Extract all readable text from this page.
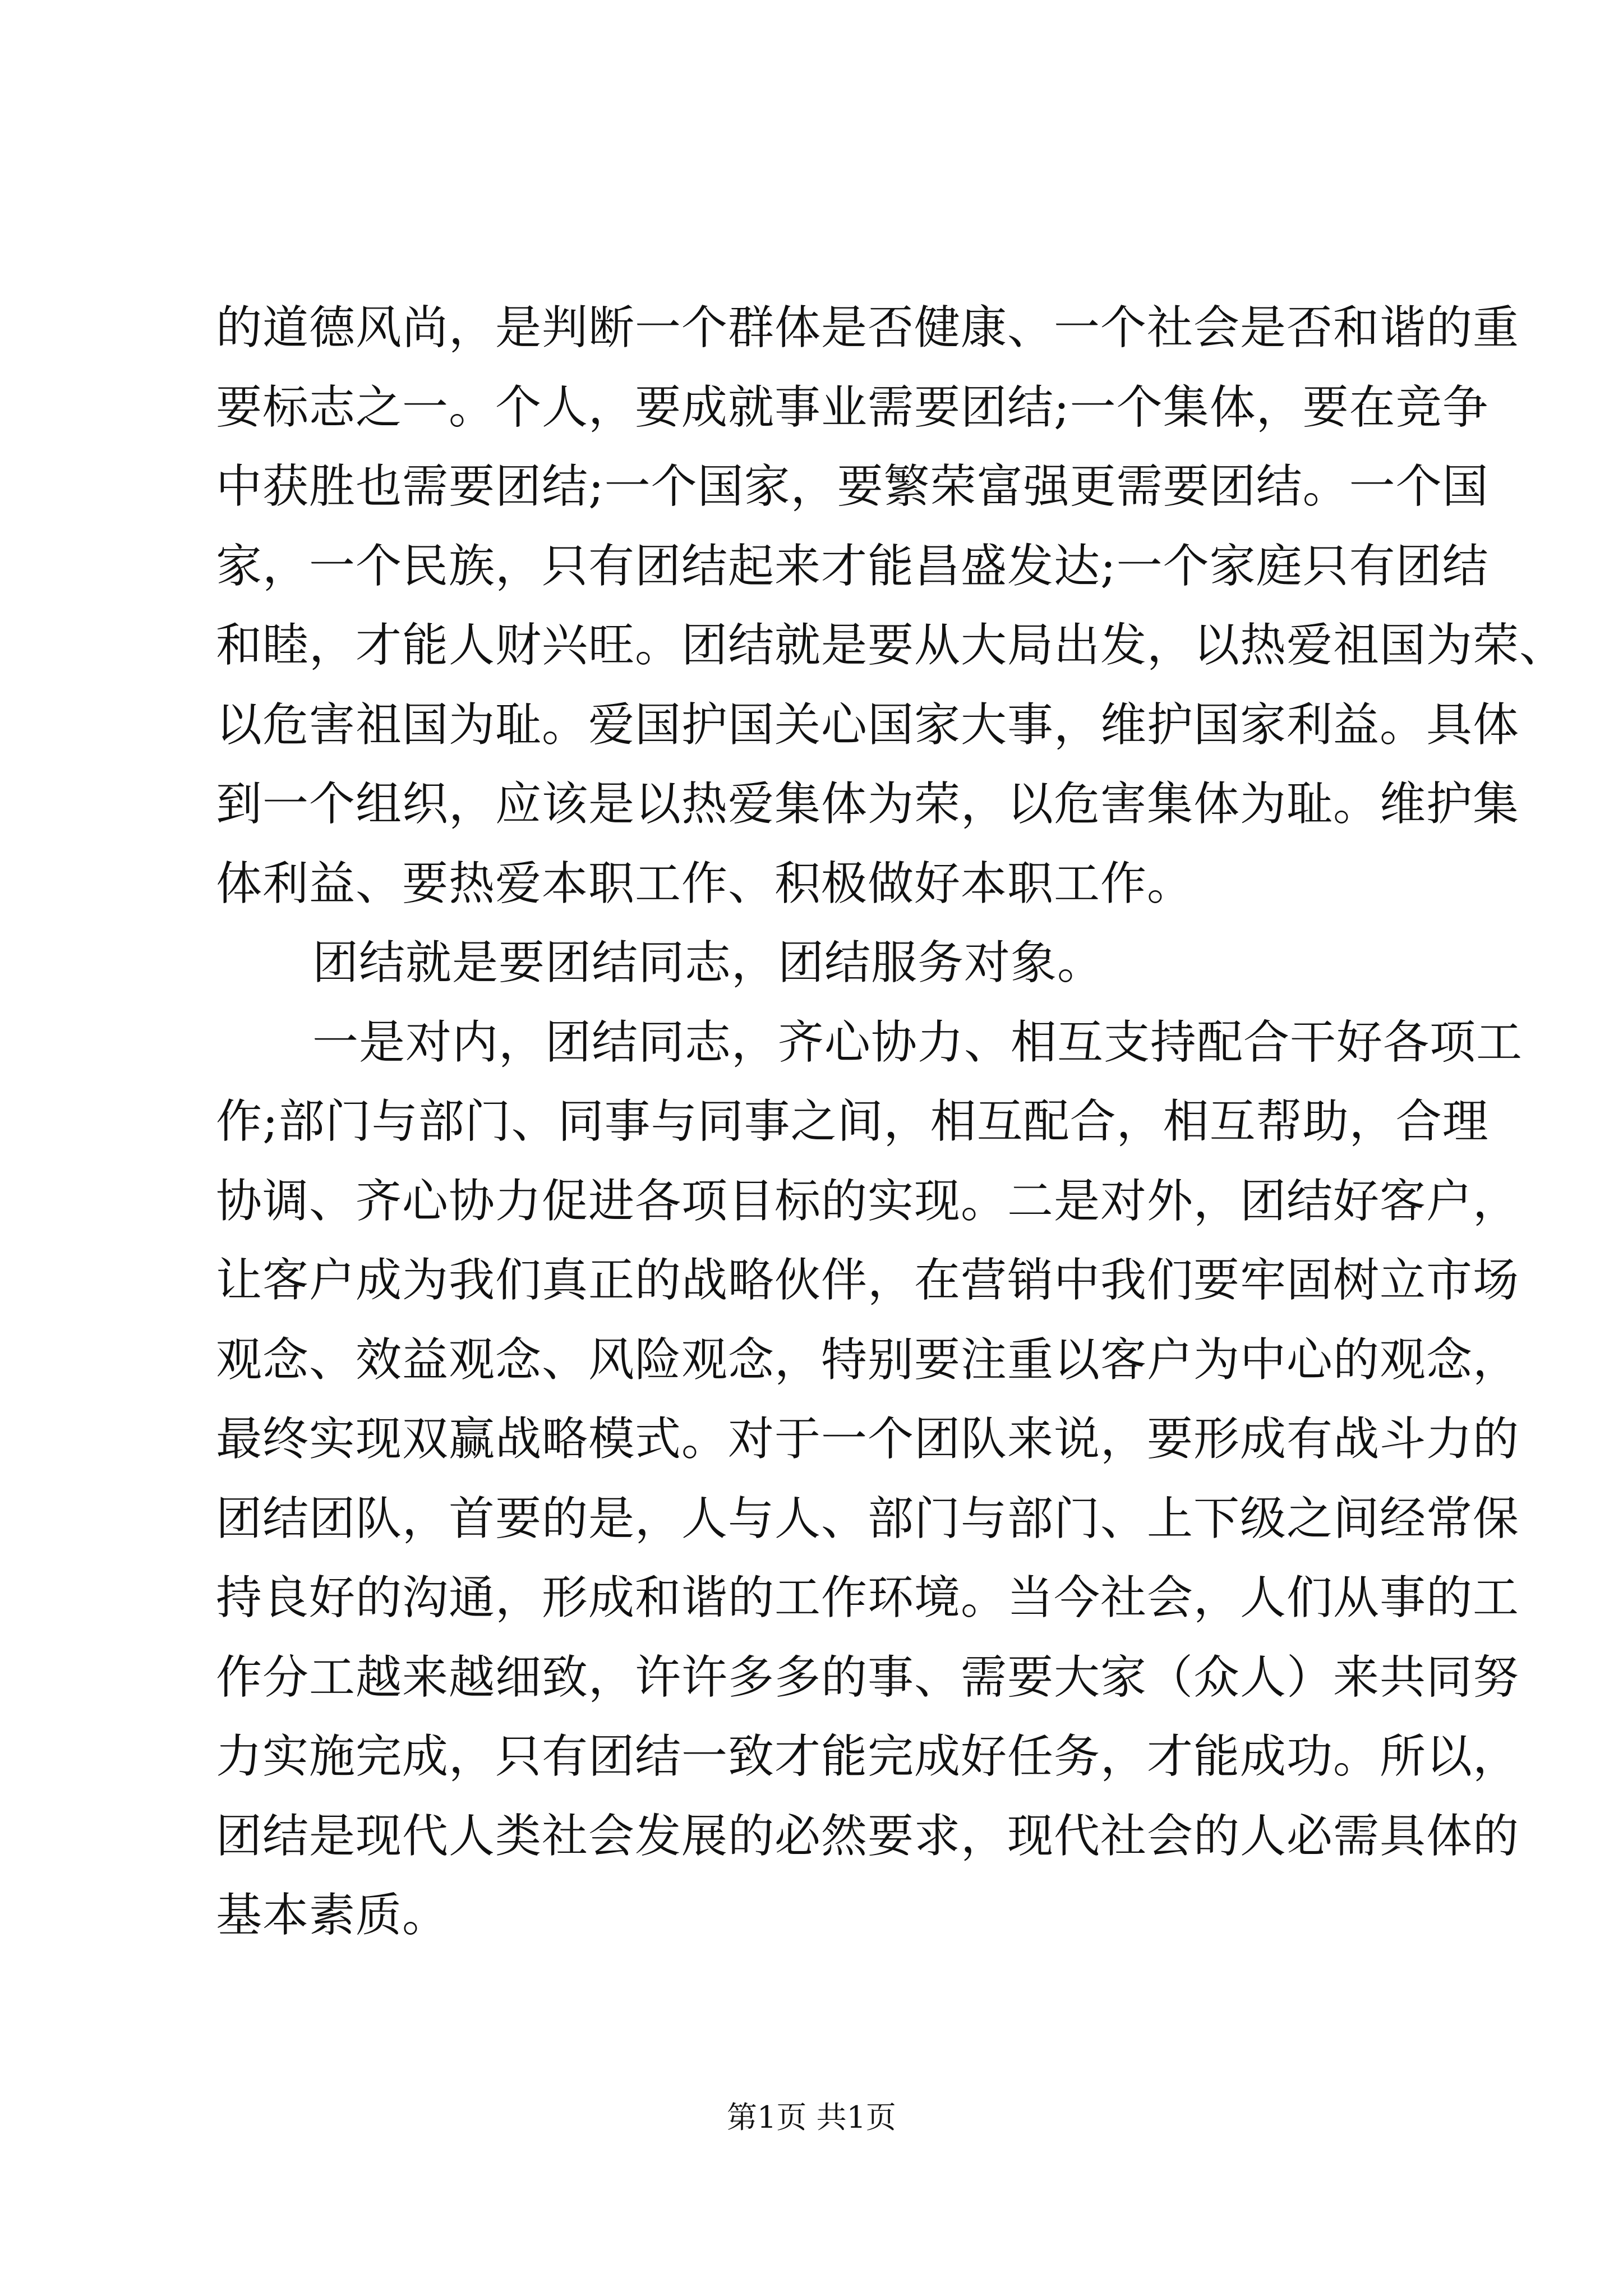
的道德风尚，是判断一个群体是否健康、一个社会是否和谐的重
要标志之一。个人，要成就事业需要团结;一个集体，要在竞争
中获胜也需要团结;一个国家，要繁荣富强更需要团结。一个国
家，一个民族，只有团结起来才能昌盛发达;一个家庭只有团结
和睦，才能人财兴旺。团结就是要从大局出发，以热爱祖国为荣、
以危害祖国为耻。爱国护国关心国家大事，维护国家利益。具体
到一个组织，应该是以热爱集体为荣，以危害集体为耻。维护集
体利益、要热爱本职工作、积极做好本职工作。
团结就是要团结同志，团结服务对象。
一是对内，团结同志，齐心协力、相互支持配合干好各项工
作;部门与部门、同事与同事之间，相互配合，相互帮助，合理
协调、齐心协力促进各项目标的实现。二是对外，团结好客户，
让客户成为我们真正的战略伙伴，在营销中我们要牢固树立市场
观念、效益观念、风险观念，特别要注重以客户为中心的观念，
最终实现双赢战略模式。对于一个团队来说，要形成有战斗力的
团结团队，首要的是，人与人、部门与部门、上下级之间经常保
持良好的沟通，形成和谐的工作环境。当今社会，人们从事的工
作分工越来越细致，许许多多的事、需要大家（众人）来共同努
力实施完成，只有团结一致才能完成好任务，才能成功。所以，
团结是现代人类社会发展的必然要求，现代社会的人必需具体的
基本素质。
第1页 共1页
